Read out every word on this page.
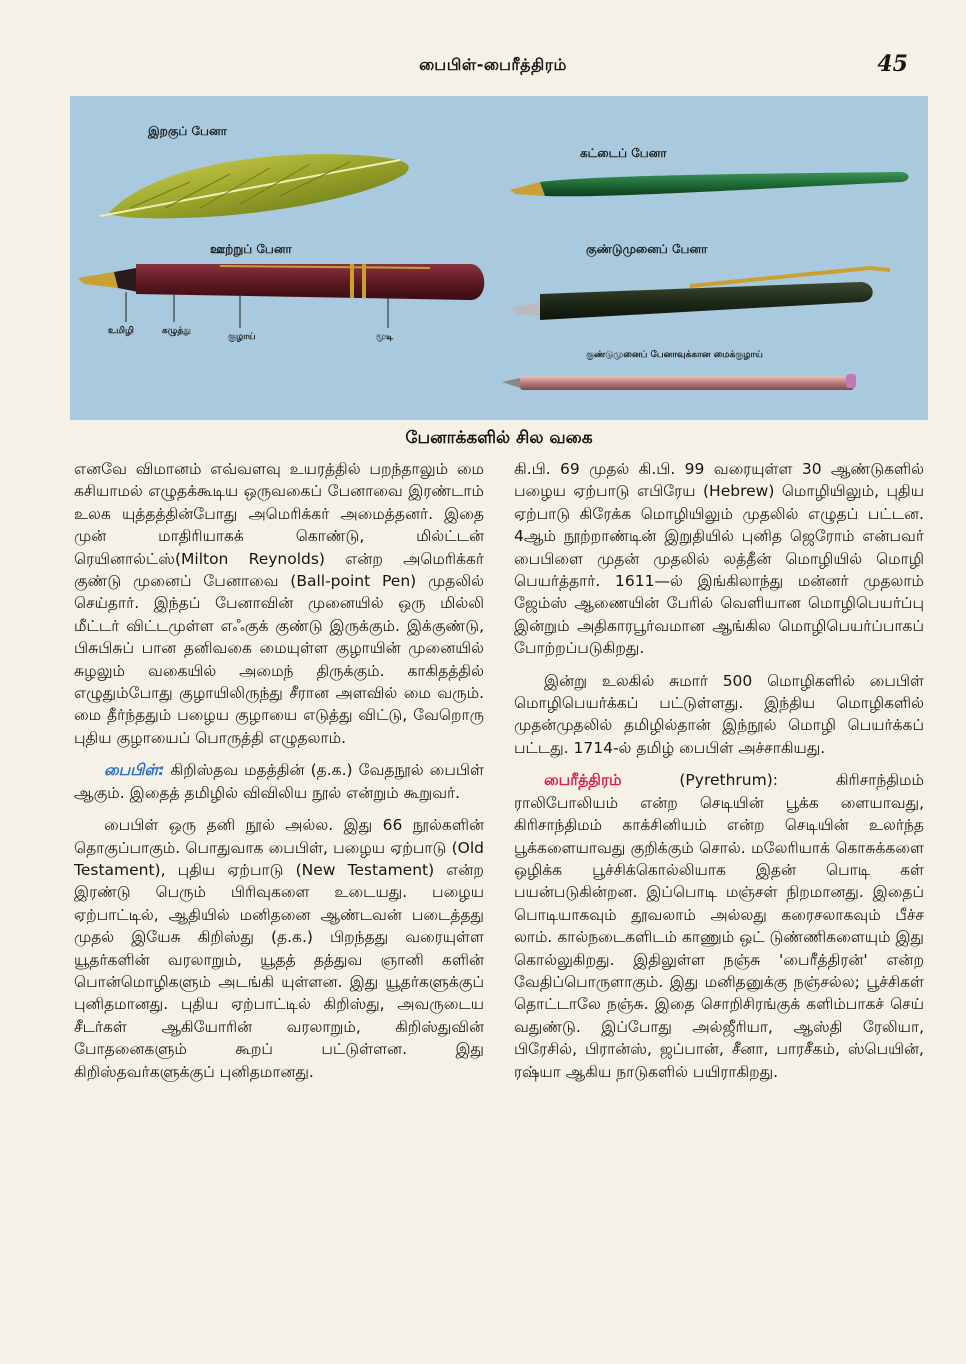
பைபிள்-பைரீத்திரம்	45
இறகுப் பேனா
கட்டைப் பேனா
ஊற்றுப் பேனா	குண்டுமுனைப் பேனா
குண்டுமுனைப் பேனாவுக்கான மைக்குழாய்
உமிழி	கழுத்து
குழாய்	மூடி
பேனாக்களில் சில வகை

எனவே விமானம் எவ்வளவு உயரத்தில் பறந்தாலும் மை கசியாமல் எழுதக்கூடிய ஒருவகைப் பேனாவை இரண்டாம் உலக யுத்தத்தின்போது அமெரிக்கர் அமைத்தனர். இதை முன் மாதிரியாகக் கொண்டு, மில்ட்டன் ரெயினால்ட்ஸ்(Milton Reynolds) என்ற அமெரிக்கர் குண்டு முனைப் பேனாவை (Ball-point Pen) முதலில் செய்தார். இந்தப் பேனாவின் முனையில் ஒரு மில்லி மீட்டர் விட்டமுள்ள எஃகுக் குண்டு இருக்கும். இக்குண்டு, பிசுபிசுப் பான தனிவகை மையுள்ள குழாயின் முனையில் சுழலும் வகையில் அமைந் திருக்கும். காகிதத்தில் எழுதும்போது குழாயிலிருந்து சீரான அளவில் மை வரும். மை தீர்ந்ததும் பழைய குழாயை எடுத்து விட்டு, வேறொரு புதிய குழாயைப் பொருத்தி எழுதலாம்.

பைபிள்: கிறிஸ்தவ மதத்தின் (த.க.) வேதநூல் பைபிள் ஆகும். இதைத் தமிழில் விவிலிய நூல் என்றும் கூறுவர்.

பைபிள் ஒரு தனி நூல் அல்ல. இது 66 நூல்களின் தொகுப்பாகும். பொதுவாக பைபிள், பழைய ஏற்பாடு (Old Testament), புதிய ஏற்பாடு (New Testament) என்ற இரண்டு பெரும் பிரிவுகளை உடையது. பழைய ஏற்பாட்டில், ஆதியில் மனிதனை ஆண்டவன் படைத்தது முதல் இயேசு கிறிஸ்து (த.க.) பிறந்தது வரையுள்ள யூதர்களின் வரலாறும், யூதத் தத்துவ ஞானி களின் பொன்மொழிகளும் அடங்கி யுள்ளன. இது யூதர்களுக்குப் புனிதமானது. புதிய ஏற்பாட்டில் கிறிஸ்து, அவருடைய சீடர்கள் ஆகியோரின் வரலாறும், கிறிஸ்துவின் போதனைகளும் கூறப் பட்டுள்ளன. இது கிறிஸ்தவர்களுக்குப் புனிதமானது.

கி.பி. 69 முதல் கி.பி. 99 வரையுள்ள 30 ஆண்டுகளில் பழைய ஏற்பாடு எபிரேய (Hebrew) மொழியிலும், புதிய ஏற்பாடு கிரேக்க மொழியிலும் முதலில் எழுதப் பட்டன. 4ஆம் நூற்றாண்டின் இறுதியில் புனித ஜெரோம் என்பவர் பைபிளை முதன் முதலில் லத்தீன் மொழியில் மொழி பெயர்த்தார். 1611—ல் இங்கிலாந்து மன்னர் முதலாம் ஜேம்ஸ் ஆணையின் பேரில் வெளியான மொழிபெயர்ப்பு இன்றும் அதிகாரபூர்வமான ஆங்கில மொழிபெயர்ப்பாகப் போற்றப்படுகிறது.

இன்று உலகில் சுமார் 500 மொழிகளில் பைபிள் மொழிபெயர்க்கப் பட்டுள்ளது. இந்திய மொழிகளில் முதன்முதலில் தமிழில்தான் இந்நூல் மொழி பெயர்க்கப் பட்டது. 1714-ல் தமிழ் பைபிள் அச்சாகியது.

பைரீத்திரம் (Pyrethrum): கிரிசாந்திமம் ராலிபோலியம் என்ற செடியின் பூக்க ளையாவது, கிரிசாந்திமம் காக்சினியம் என்ற செடியின் உலர்ந்த பூக்களையாவது குறிக்கும் சொல். மலேரியாக் கொசுக்களை ஒழிக்க பூச்சிக்கொல்லியாக இதன் பொடி கள் பயன்படுகின்றன. இப்பொடி மஞ்சள் நிறமானது. இதைப் பொடியாகவும் தூவலாம் அல்லது கரைசலாகவும் பீச்ச லாம். கால்நடைகளிடம் காணும் ஒட் டுண்ணிகளையும் இது கொல்லுகிறது. இதிலுள்ள நஞ்சு 'பைரீத்திரன்' என்ற வேதிப்பொருளாகும். இது மனிதனுக்கு நஞ்சல்ல; பூச்சிகள் தொட்டாலே நஞ்சு. இதை சொறிசிரங்குக் களிம்பாகச் செய் வதுண்டு. இப்போது அல்ஜீரியா, ஆஸ்தி ரேலியா, பிரேசில், பிரான்ஸ், ஜப்பான், சீனா, பாரசீகம், ஸ்பெயின், ரஷ்யா ஆகிய நாடுகளில் பயிராகிறது.
